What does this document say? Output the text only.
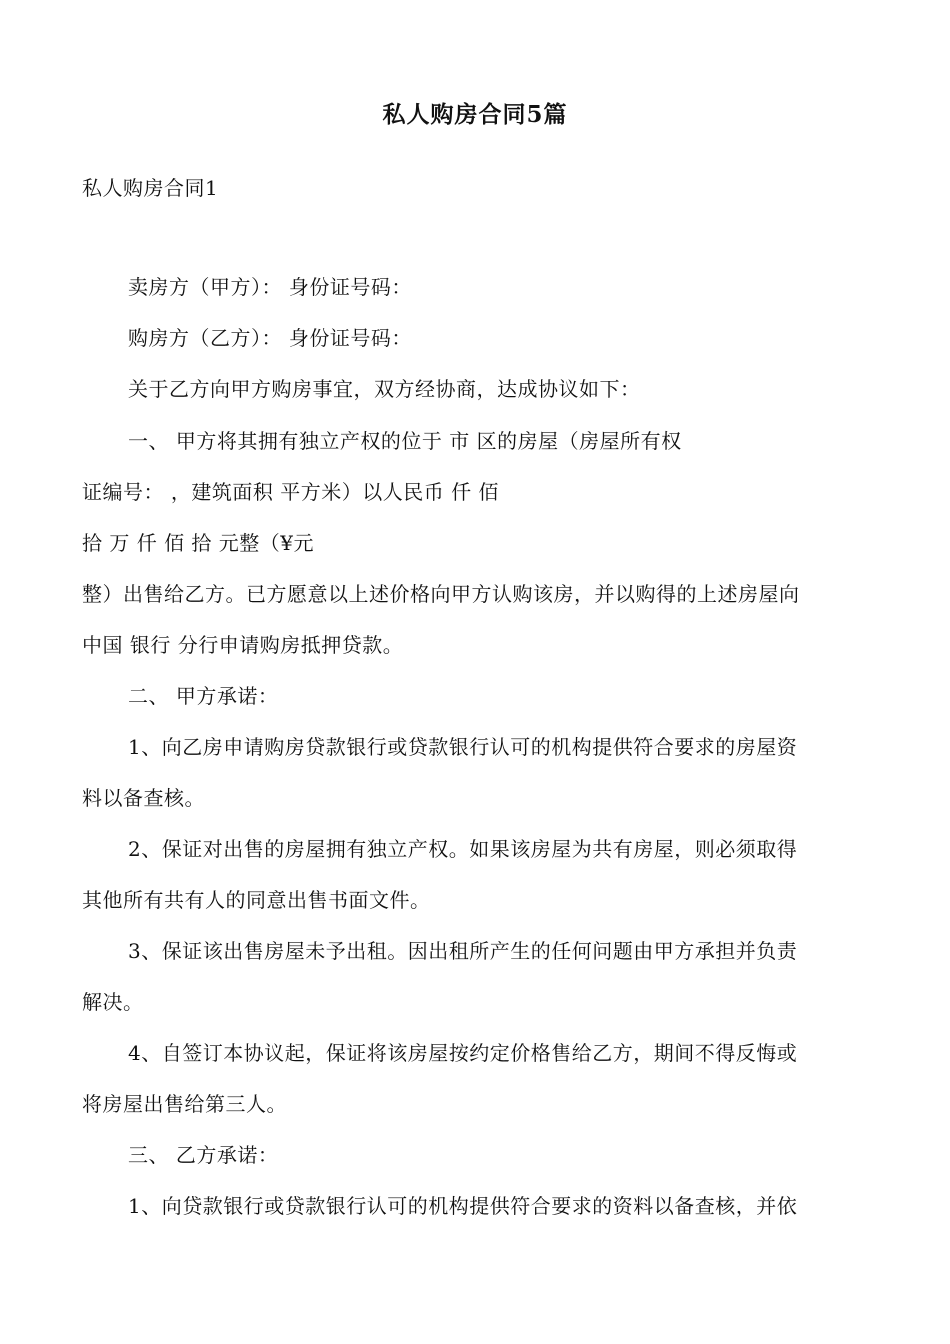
私人购房合同5篇
私人购房合同1
卖房方（甲方）： 身份证号码：
购房方（乙方）： 身份证号码：
关于乙方向甲方购房事宜，双方经协商，达成协议如下：
一、 甲方将其拥有独立产权的位于 市 区的房屋（房屋所有权
证编号： ，建筑面积 平方米）以人民币 仟 佰
拾 万 仟 佰 拾 元整（¥元
整）出售给乙方。已方愿意以上述价格向甲方认购该房，并以购得的上述房屋向
中国 银行 分行申请购房抵押贷款。
二、 甲方承诺：
1、向乙房申请购房贷款银行或贷款银行认可的机构提供符合要求的房屋资
料以备查核。
2、保证对出售的房屋拥有独立产权。如果该房屋为共有房屋，则必须取得
其他所有共有人的同意出售书面文件。
3、保证该出售房屋未予出租。因出租所产生的任何问题由甲方承担并负责
解决。
4、自签订本协议起，保证将该房屋按约定价格售给乙方，期间不得反悔或
将房屋出售给第三人。
三、 乙方承诺：
1、向贷款银行或贷款银行认可的机构提供符合要求的资料以备查核，并依
